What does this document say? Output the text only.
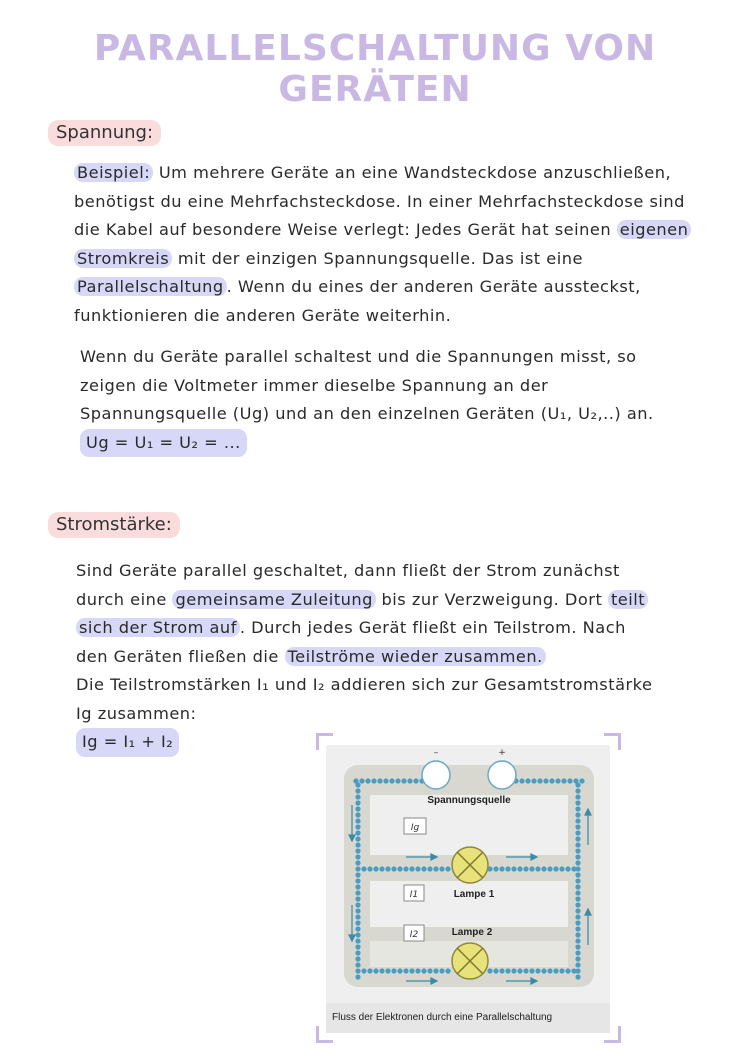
PARALLELSCHALTUNG VON GERÄTEN
Spannung:
Beispiel: Um mehrere Geräte an eine Wandsteckdose anzuschließen,
benötigst du eine Mehrfachsteckdose. In einer Mehrfachsteckdose sind
die Kabel auf besondere Weise verlegt: Jedes Gerät hat seinen eigenen
Stromkreis mit der einzigen Spannungsquelle. Das ist eine
Parallelschaltung . Wenn du eines der anderen Geräte aussteckst,
funktionieren die anderen Geräte weiterhin.
Wenn du Geräte parallel schaltest und die Spannungen misst, so
zeigen die Voltmeter immer dieselbe Spannung an der
Spannungsquelle (Ug) und an den einzelnen Geräten (U₁, U₂,..) an.
Ug = U₁ = U₂ = ...
Stromstärke:
Sind Geräte parallel geschaltet, dann fließt der Strom zunächst
durch eine gemeinsame Zuleitung bis zur Verzweigung. Dort teilt
sich der Strom auf . Durch jedes Gerät fließt ein Teilstrom. Nach
den Geräten fließen die Teilströme wieder zusammen.
Die Teilstromstärken I₁ und I₂ addieren sich zur Gesamtstromstärke
Ig zusammen:
Ig = I₁ + I₂
–	+
Spannungsquelle
Ig
I1
I2
Lampe 1
Lampe 2
Fluss der Elektronen durch eine Parallelschaltung
